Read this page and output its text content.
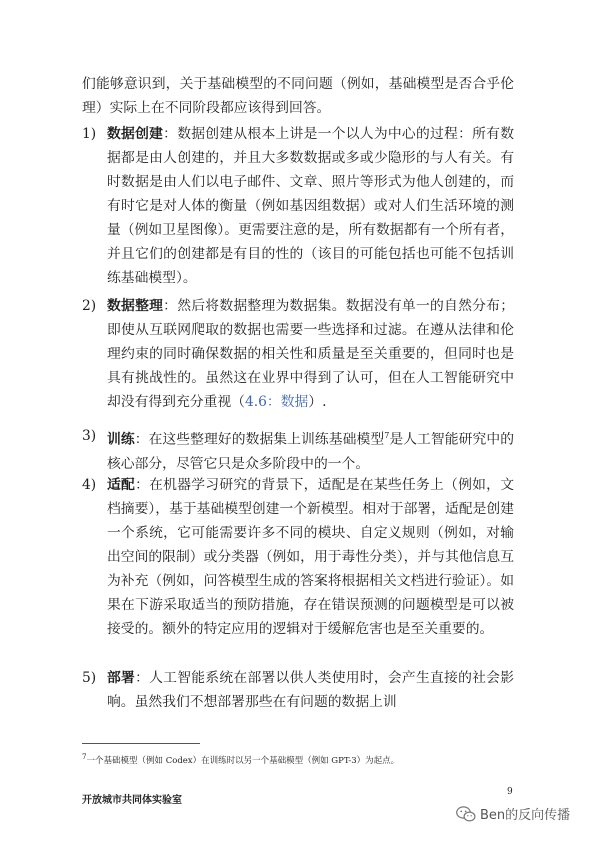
们能够意识到，关于基础模型的不同问题（例如，基础模型是否合乎伦理）实际上在不同阶段都应该得到回答。

1) 数据创建：数据创建从根本上讲是一个以人为中心的过程：所有数据都是由人创建的，并且大多数数据或多或少隐形的与人有关。有时数据是由人们以电子邮件、文章、照片等形式为他人创建的，而有时它是对人体的衡量（例如基因组数据）或对人们生活环境的测量（例如卫星图像）。更需要注意的是，所有数据都有一个所有者，并且它们的创建都是有目的性的（该目的可能包括也可能不包括训练基础模型）。
2) 数据整理：然后将数据整理为数据集。数据没有单一的自然分布；即使从互联网爬取的数据也需要一些选择和过滤。在遵从法律和伦理约束的同时确保数据的相关性和质量是至关重要的，但同时也是具有挑战性的。虽然这在业界中得到了认可，但在人工智能研究中却没有得到充分重视（4.6：数据）.
3) 训练：在这些整理好的数据集上训练基础模型$^7$是人工智能研究中的核心部分，尽管它只是众多阶段中的一个。
4) 适配：在机器学习研究的背景下，适配是在某些任务上（例如，文档摘要），基于基础模型创建一个新模型。相对于部署，适配是创建一个系统，它可能需要许多不同的模块、自定义规则（例如，对输出空间的限制）或分类器（例如，用于毒性分类），并与其他信息互为补充（例如，问答模型生成的答案将根据相关文档进行验证）。如果在下游采取适当的预防措施，存在错误预测的问题模型是可以被接受的。额外的特定应用的逻辑对于缓解危害也是至关重要的。
5) 部署：人工智能系统在部署以供人类使用时，会产生直接的社会影响。虽然我们不想部署那些在有问题的数据上训
$^7$一个基础模型（例如 Codex）在训练时以另一个基础模型（例如 GPT-3）为起点。
开放城市共同体实验室
9
Ben的反向传播
